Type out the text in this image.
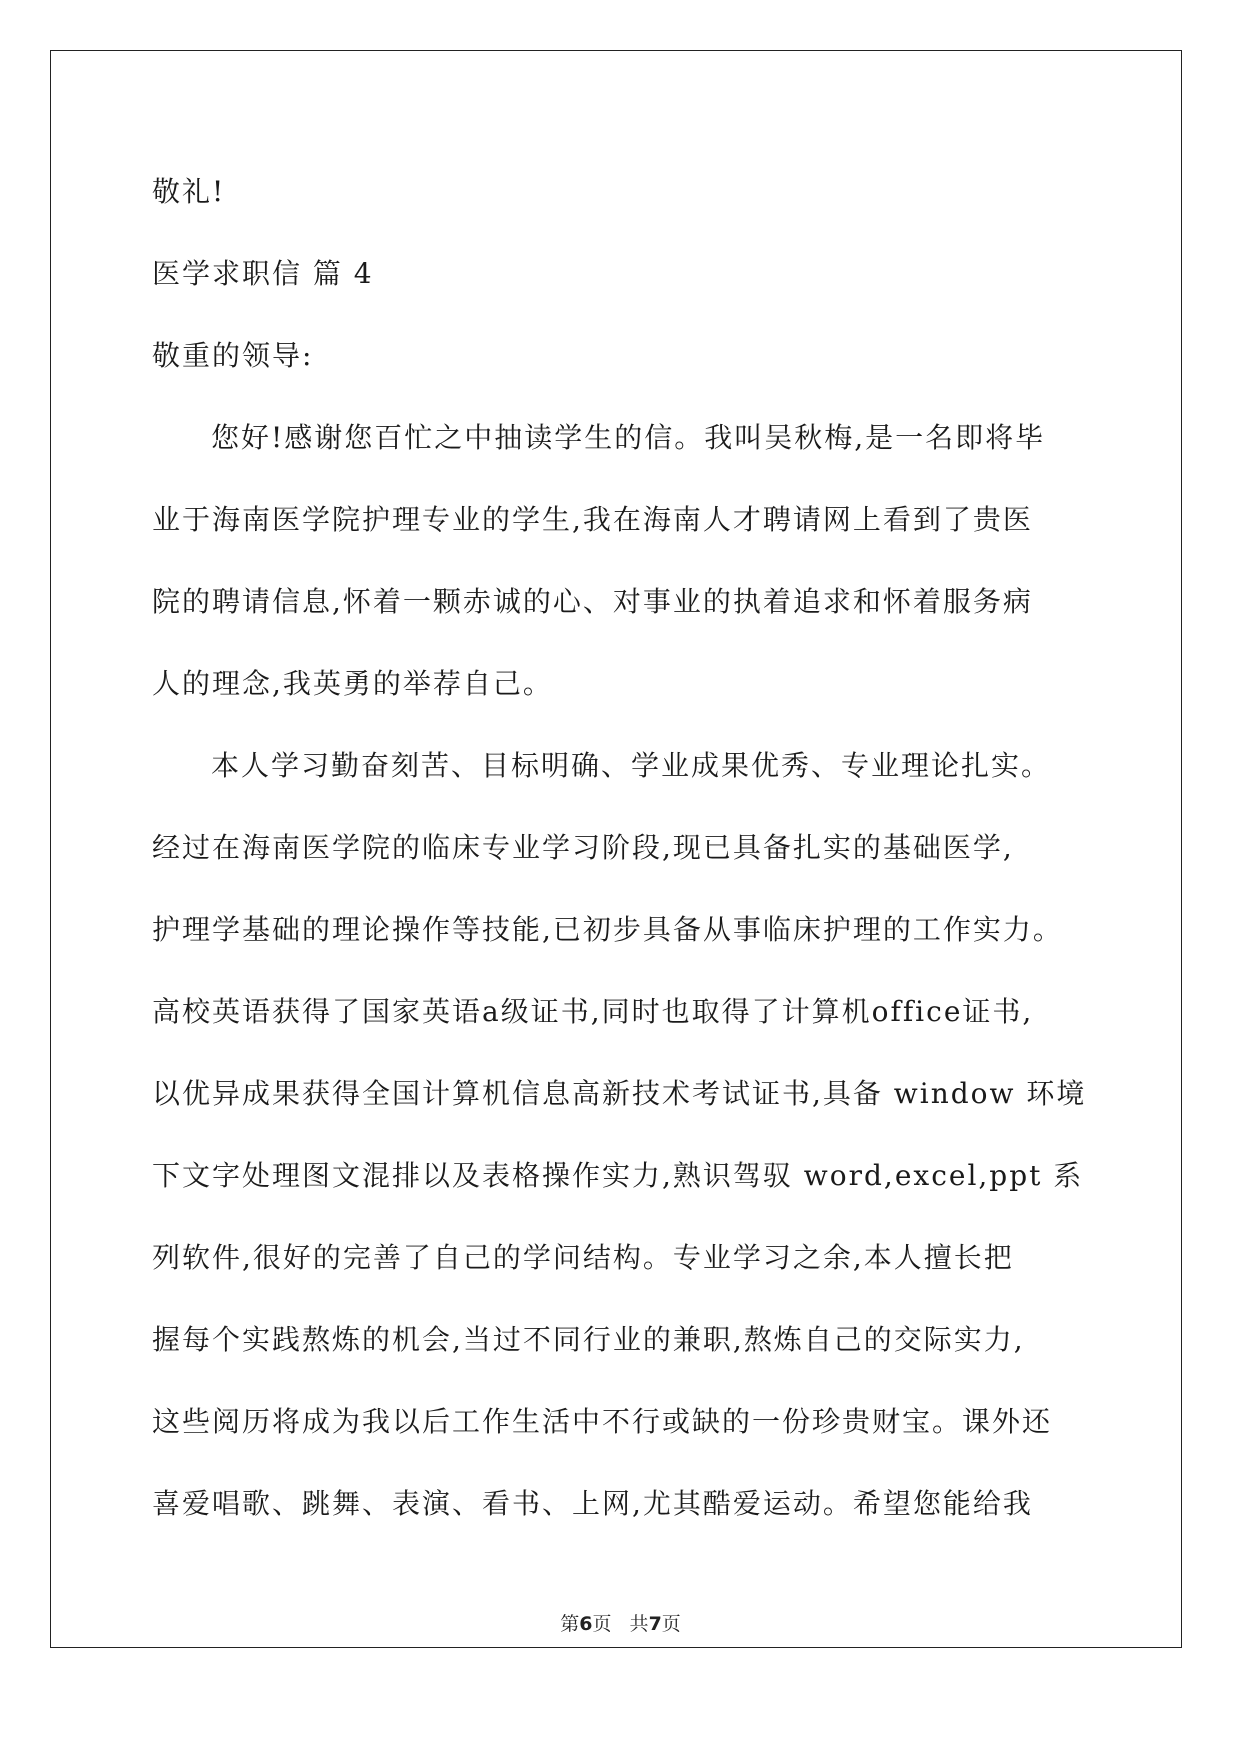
敬礼!
医学求职信 篇 4
敬重的领导:
您好!感谢您百忙之中抽读学生的信。我叫吴秋梅,是一名即将毕
业于海南医学院护理专业的学生,我在海南人才聘请网上看到了贵医
院的聘请信息,怀着一颗赤诚的心、对事业的执着追求和怀着服务病
人的理念,我英勇的举荐自己。
本人学习勤奋刻苦、目标明确、学业成果优秀、专业理论扎实。
经过在海南医学院的临床专业学习阶段,现已具备扎实的基础医学,
护理学基础的理论操作等技能,已初步具备从事临床护理的工作实力。
高校英语获得了国家英语a级证书,同时也取得了计算机office证书,
以优异成果获得全国计算机信息高新技术考试证书,具备 window 环境
下文字处理图文混排以及表格操作实力,熟识驾驭 word,excel,ppt 系
列软件,很好的完善了自己的学问结构。专业学习之余,本人擅长把
握每个实践熬炼的机会,当过不同行业的兼职,熬炼自己的交际实力,
这些阅历将成为我以后工作生活中不行或缺的一份珍贵财宝。课外还
喜爱唱歌、跳舞、表演、看书、上网,尤其酷爱运动。希望您能给我
第6页   共7页
